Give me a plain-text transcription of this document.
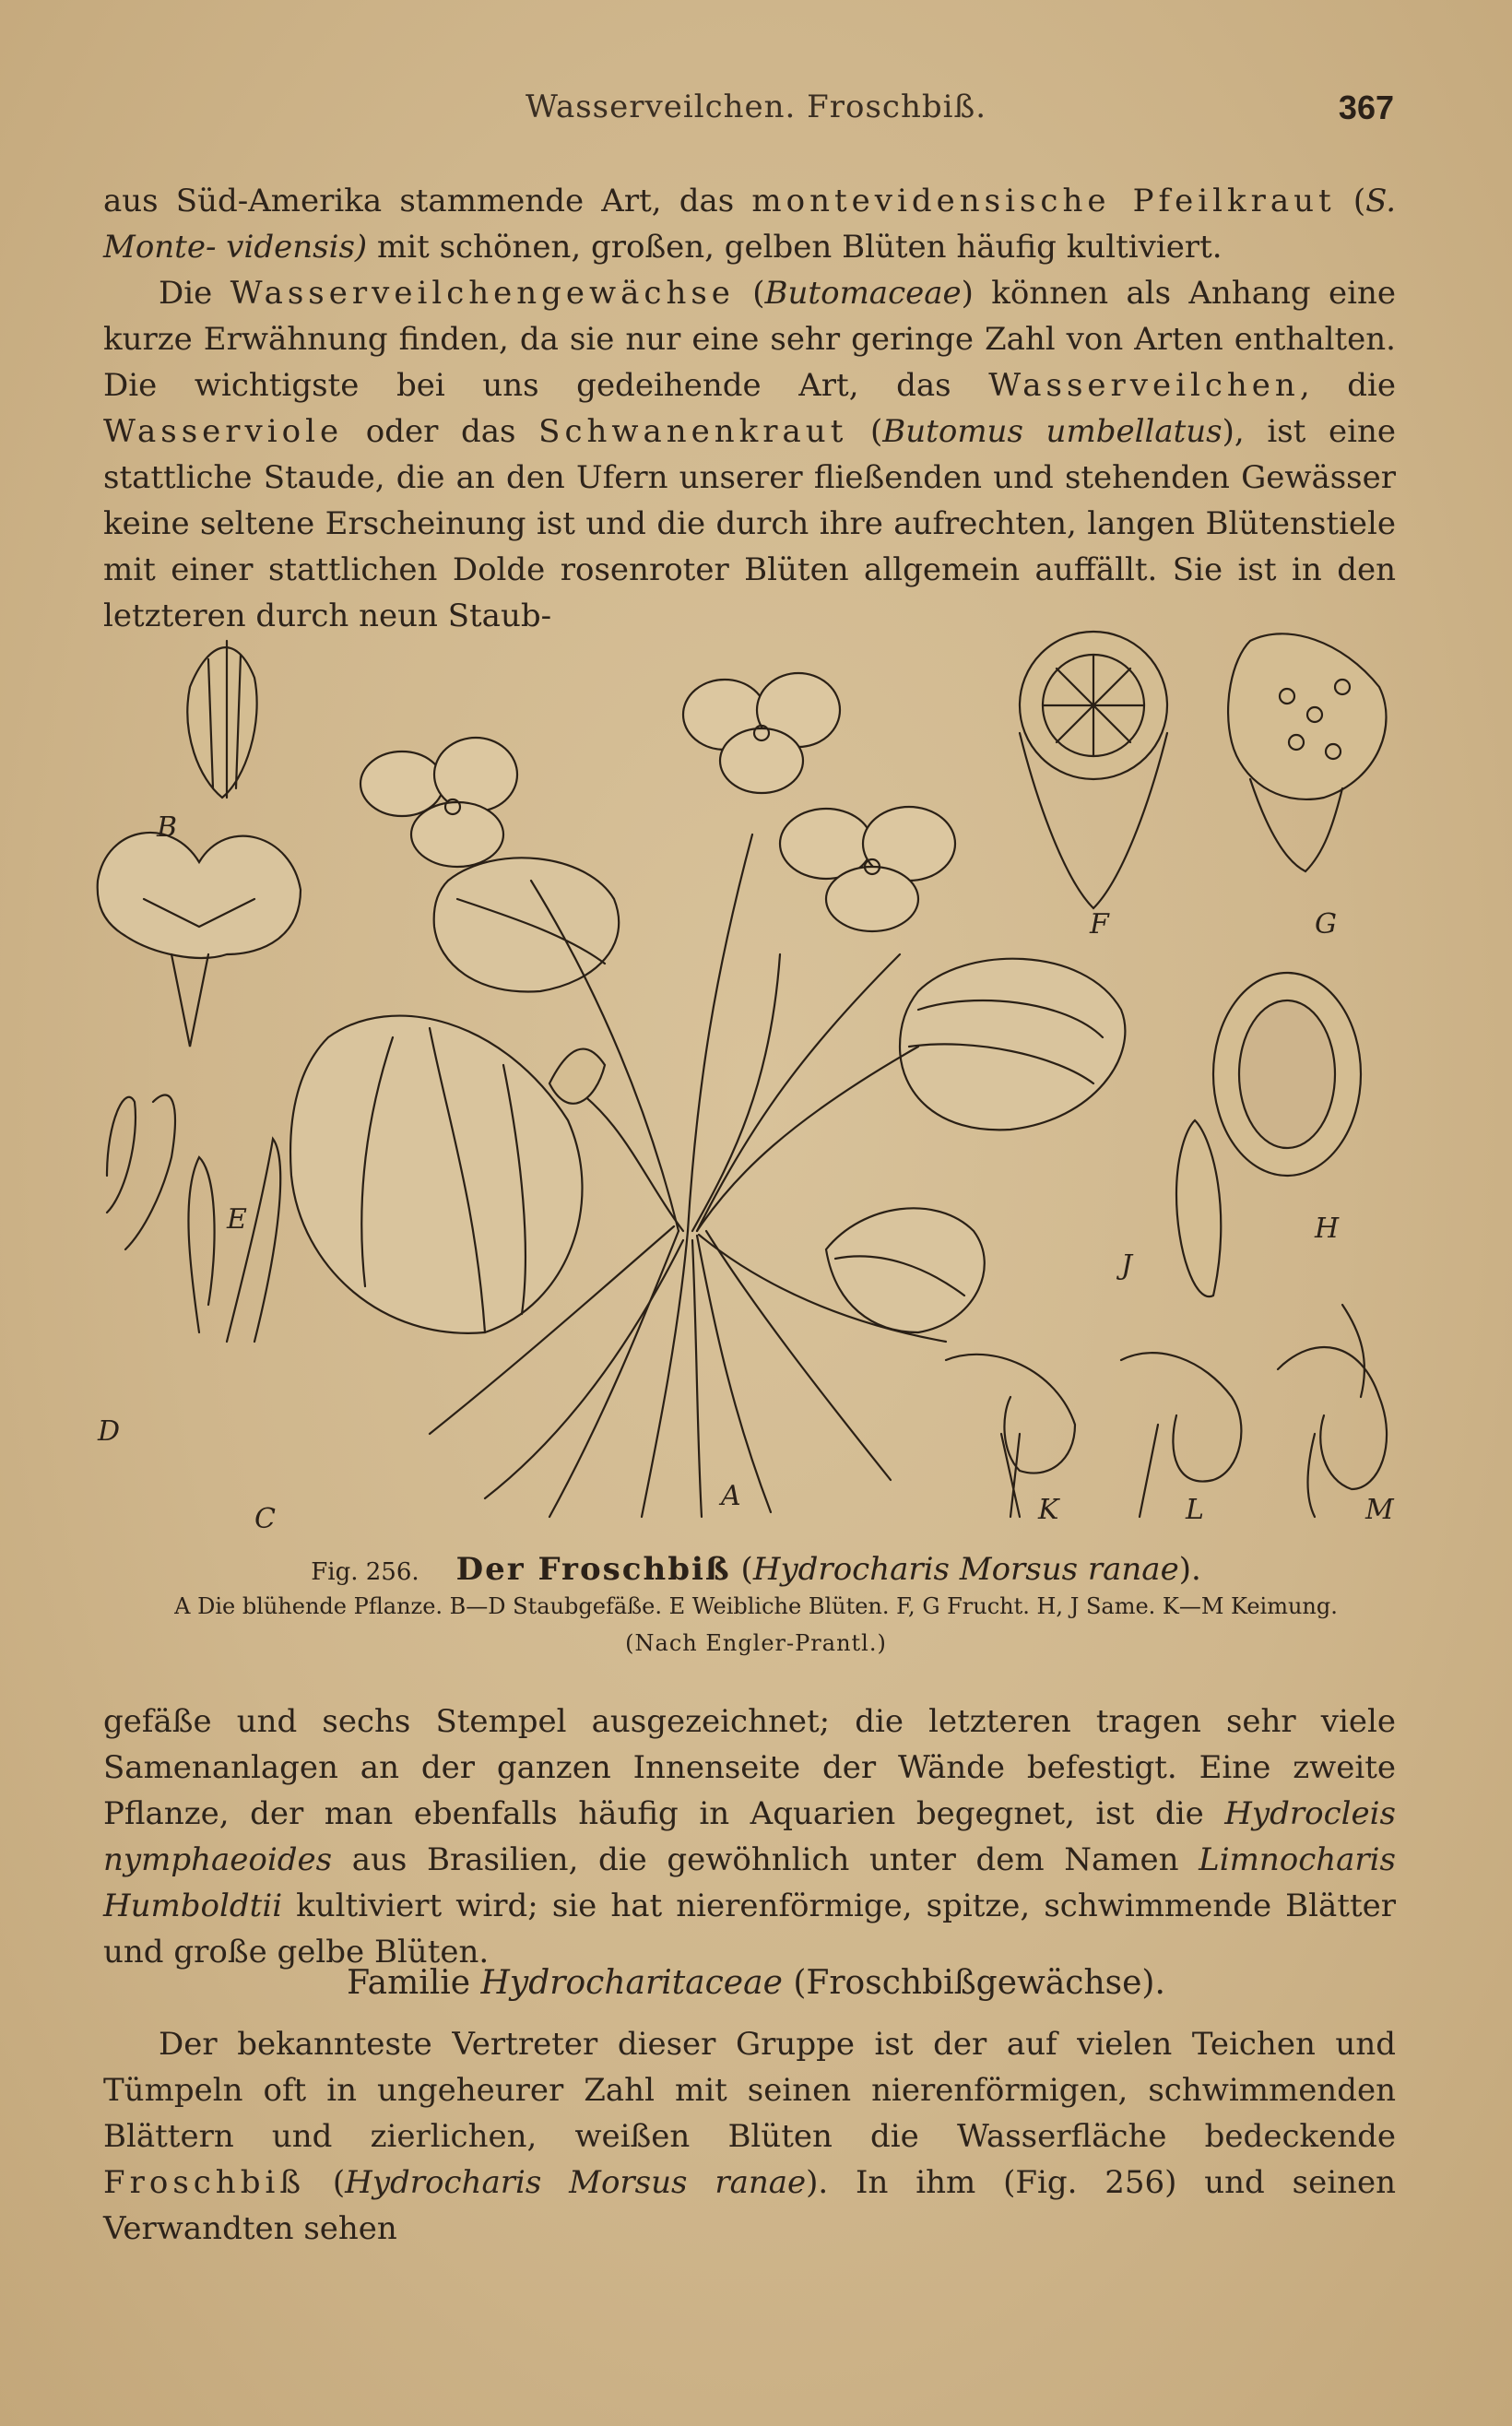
Wasserveilchen. Froschbiß.	367

aus Süd-Amerika stammende Art, das montevidensische Pfeilkraut (S. Monte- vidensis) mit schönen, großen, gelben Blüten häufig kultiviert.

Die Wasserveilchengewächse (Butomaceae) können als Anhang eine kurze Erwähnung finden, da sie nur eine sehr geringe Zahl von Arten enthalten. Die wichtigste bei uns gedeihende Art, das Wasserveilchen, die Wasserviole oder das Schwanenkraut (Butomus umbellatus), ist eine stattliche Staude, die an den Ufern unserer fließenden und stehenden Gewässer keine seltene Erscheinung ist und die durch ihre aufrechten, langen Blütenstiele mit einer stattlichen Dolde rosenroter Blüten allgemein auffällt. Sie ist in den letzteren durch neun Staub-

A
B
C
D
E
F	G
H
J
K	L	M
Fig. 256. Der Froschbiß (Hydrocharis Morsus ranae).
A Die blühende Pflanze. B—D Staubgefäße. E Weibliche Blüten. F, G Frucht. H, J Same. K—M Keimung.
(Nach Engler-Prantl.)

gefäße und sechs Stempel ausgezeichnet; die letzteren tragen sehr viele Samenanlagen an der ganzen Innenseite der Wände befestigt. Eine zweite Pflanze, der man ebenfalls häufig in Aquarien begegnet, ist die Hydrocleis nymphaeoides aus Brasilien, die gewöhnlich unter dem Namen Limnocharis Humboldtii kultiviert wird; sie hat nierenförmige, spitze, schwimmende Blätter und große gelbe Blüten.

Familie Hydrocharitaceae (Froschbißgewächse).

Der bekannteste Vertreter dieser Gruppe ist der auf vielen Teichen und Tümpeln oft in ungeheurer Zahl mit seinen nierenförmigen, schwimmenden Blättern und zierlichen, weißen Blüten die Wasserfläche bedeckende Froschbiß (Hydrocharis Morsus ranae). In ihm (Fig. 256) und seinen Verwandten sehen
